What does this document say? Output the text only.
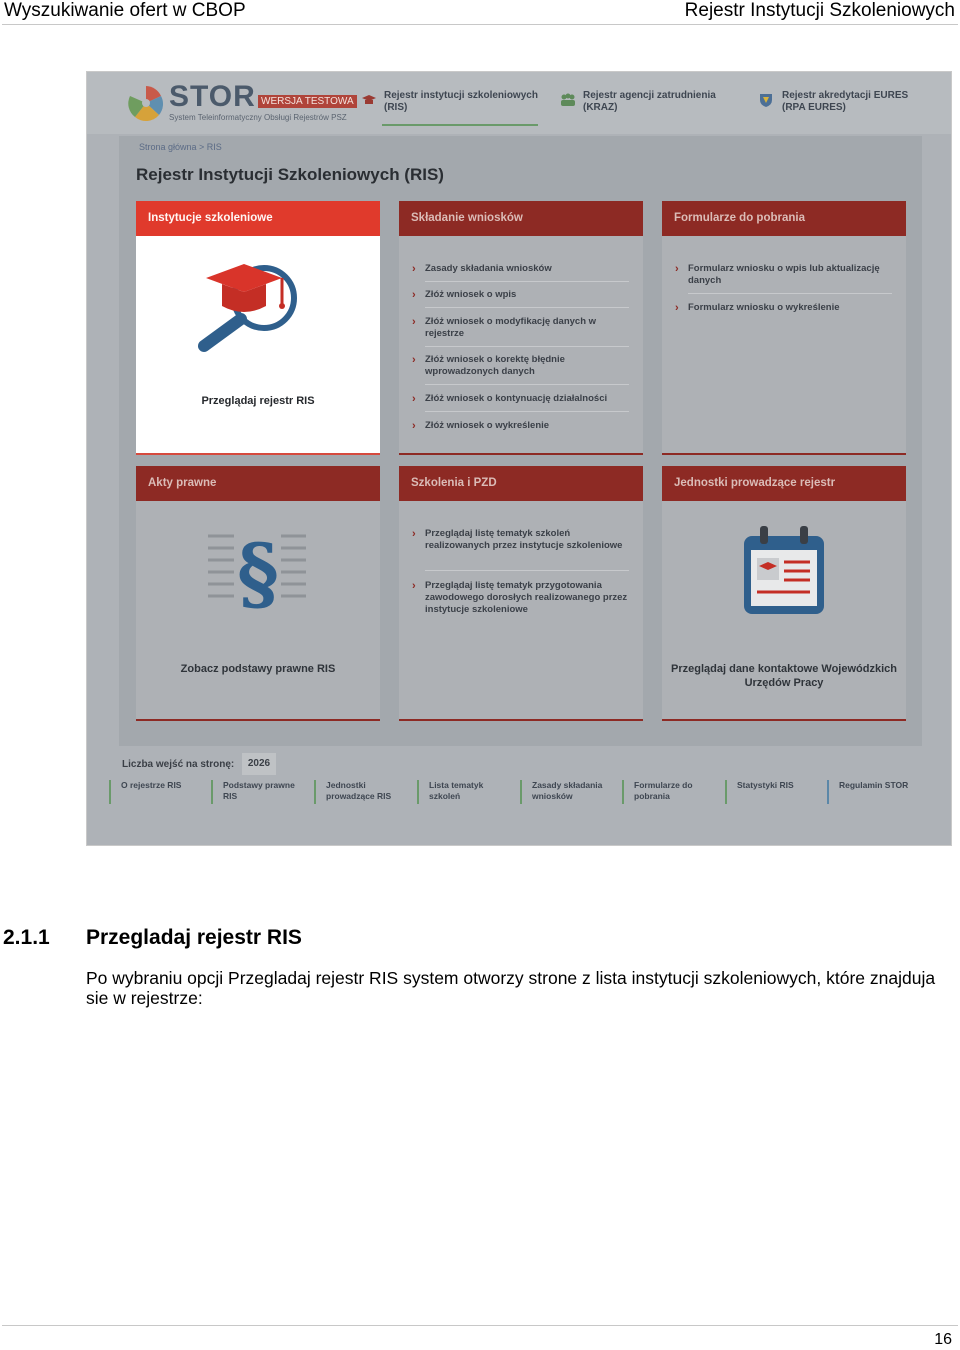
Wyszukiwanie ofert w CBOP	Rejestr Instytucji Szkoleniowych
STOR WERSJA TESTOWA
System Teleinformatyczny Obsługi Rejestrów PSZ
Rejestr instytucji szkoleniowych
(RIS)
Rejestr agencji zatrudnienia
(KRAZ)
Rejestr akredytacji EURES
(RPA EURES)
Strona główna > RIS
Rejestr Instytucji Szkoleniowych (RIS)
Instytucje szkoleniowe
Przeglądaj rejestr RIS
Składanie wniosków
› Zasady składania wniosków
› Złóż wniosek o wpis
› Złóż wniosek o modyfikację danych w rejestrze
› Złóż wniosek o korektę błędnie wprowadzonych danych
› Złóż wniosek o kontynuację działalności
› Złóż wniosek o wykreślenie
Formularze do pobrania
› Formularz wniosku o wpis lub aktualizację danych
› Formularz wniosku o wykreślenie
Akty prawne
§
Zobacz podstawy prawne RIS
Szkolenia i PZD
› Przeglądaj listę tematyk szkoleń realizowanych przez instytucje szkoleniowe
› Przeglądaj listę tematyk przygotowania zawodowego dorosłych realizowanego przez instytucje szkoleniowe
Jednostki prowadzące rejestr
Przeglądaj dane kontaktowe Wojewódzkich Urzędów Pracy
Liczba wejść na stronę:	2026
O rejestrze RIS	Podstawy prawne RIS
Jednostki prowadzące RIS
Lista tematyk szkoleń
Zasady składania wniosków
Formularze do pobrania
Statystyki RIS	Regulamin STOR
2.1.1 Przegladaj rejestr RIS
Po wybraniu opcji Przegladaj rejestr RIS system otworzy strone z lista instytucji szkoleniowych, które znajduja sie w rejestrze:
16
